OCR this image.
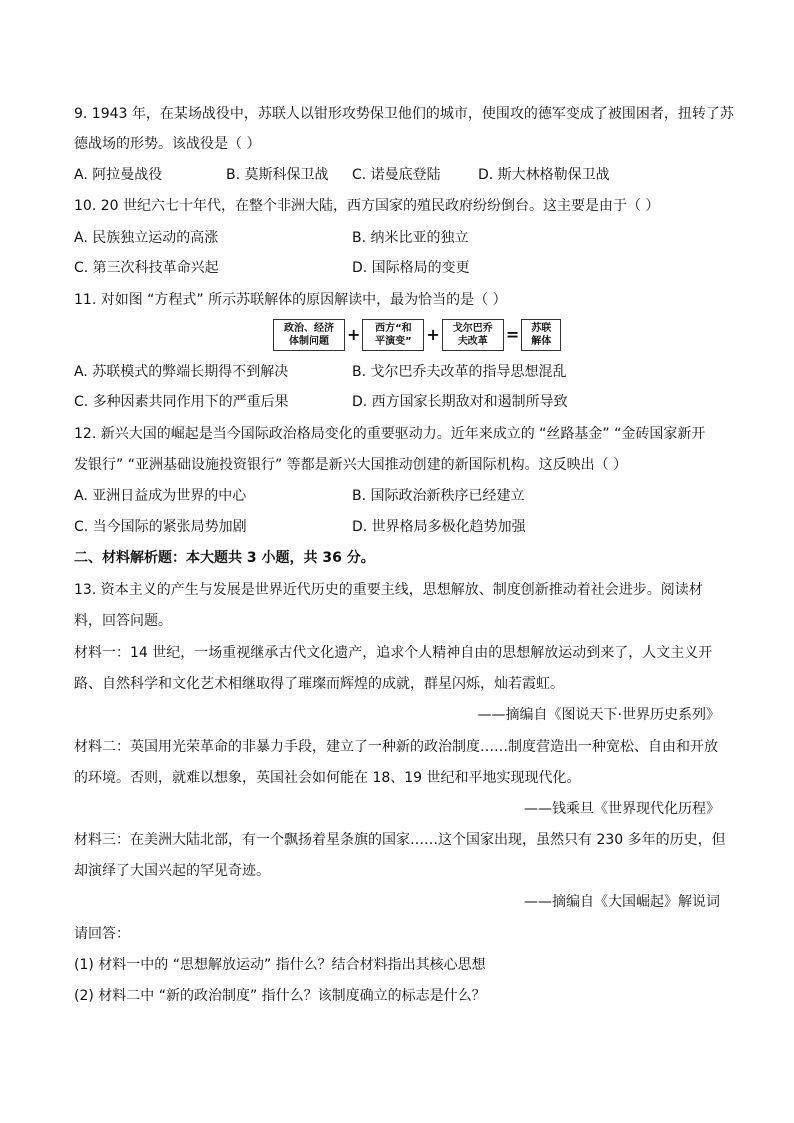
9. 1943 年，在某场战役中，苏联人以钳形攻势保卫他们的城市，使围攻的德军变成了被围困者，扭转了苏
德战场的形势。该战役是（ ）
A. 阿拉曼战役	B. 莫斯科保卫战 C. 诺曼底登陆	D. 斯大林格勒保卫战
10. 20 世纪六七十年代，在整个非洲大陆，西方国家的殖民政府纷纷倒台。这主要是由于（ ）
A. 民族独立运动的高涨	B. 纳米比亚的独立
C. 第三次科技革命兴起	D. 国际格局的变更
11. 对如图 “方程式” 所示苏联解体的原因解读中，最为恰当的是（ ）
政治、经济
体制问题	+	西方“和
平演变” +	戈尔巴乔
夫改革	=	苏联
解体
A. 苏联模式的弊端长期得不到解决	B. 戈尔巴乔夫改革的指导思想混乱
C. 多种因素共同作用下的严重后果	D. 西方国家长期敌对和遏制所导致
12. 新兴大国的崛起是当今国际政治格局变化的重要驱动力。近年来成立的 “丝路基金” “金砖国家新开
发银行” “亚洲基础设施投资银行” 等都是新兴大国推动创建的新国际机构。这反映出（ ）
A. 亚洲日益成为世界的中心	B. 国际政治新秩序已经建立
C. 当今国际的紧张局势加剧	D. 世界格局多极化趋势加强
二、材料解析题：本大题共 3 小题，共 36 分。
13. 资本主义的产生与发展是世界近代历史的重要主线，思想解放、制度创新推动着社会进步。阅读材
料，回答问题。
材料一：14 世纪，一场重视继承古代文化遗产，追求个人精神自由的思想解放运动到来了，人文主义开
路、自然科学和文化艺术相继取得了璀璨而辉煌的成就，群星闪烁，灿若霞虹。
——摘编自《图说天下·世界历史系列》
材料二：英国用光荣革命的非暴力手段，建立了一种新的政治制度……制度营造出一种宽松、自由和开放
的环境。否则，就难以想象，英国社会如何能在 18、19 世纪和平地实现现代化。
——钱乘旦《世界现代化历程》
材料三：在美洲大陆北部，有一个飘扬着星条旗的国家……这个国家出现，虽然只有 230 多年的历史，但
却演绎了大国兴起的罕见奇迹。
——摘编自《大国崛起》解说词
请回答：
(1) 材料一中的 “思想解放运动” 指什么？结合材料指出其核心思想
(2) 材料二中 “新的政治制度” 指什么？该制度确立的标志是什么？
